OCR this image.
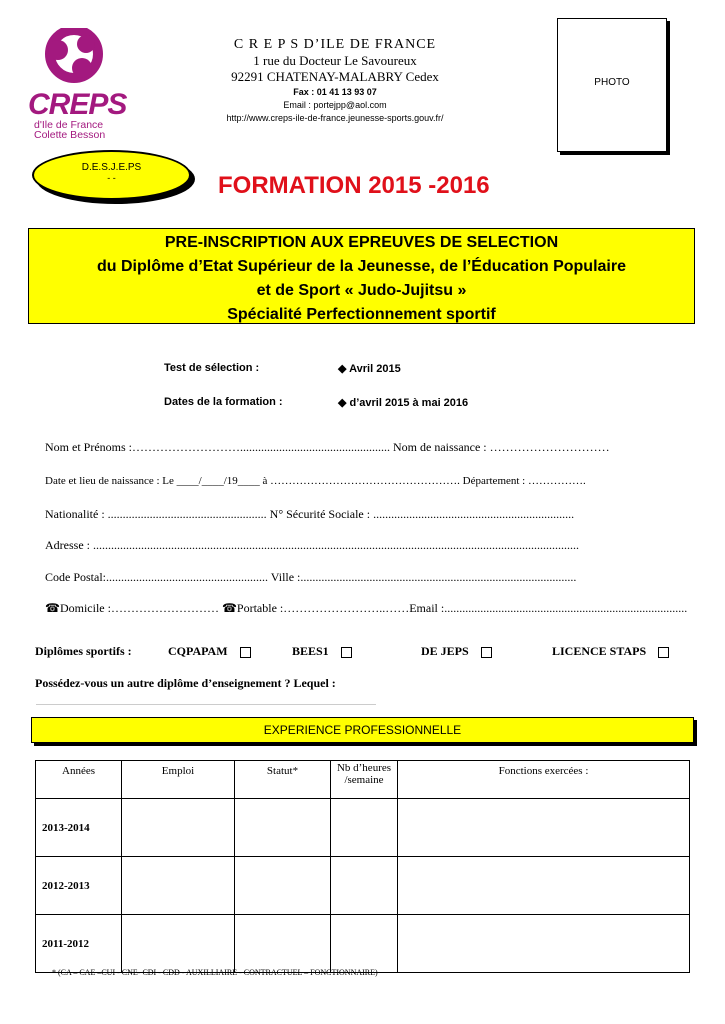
CREPS
d'Ile de France
Colette Besson
C R E P S D’ILE DE FRANCE
1 rue du Docteur Le Savoureux
92291 CHATENAY-MALABRY Cedex
Fax : 01 41 13 93 07
Email : portejpp@aol.com
http://www.creps-ile-de-france.jeunesse-sports.gouv.fr/
PHOTO
D.E.S.J.E.PS
- -	FORMATION 2015 -2016
PRE-INSCRIPTION AUX EPREUVES DE SELECTION
du Diplôme d’Etat Supérieur de la Jeunesse, de l’Éducation Populaire
et de Sport « Judo-Jujitsu »
Spécialité Perfectionnement sportif
Test de sélection :	◆ Avril 2015
Dates de la formation :	◆ d’avril 2015 à mai 2016
Nom et Prénoms :……………………….................................................. Nom de naissance : …………………………
Date et lieu de naissance : Le ____/____/19____ à ……………………………………………. Département : …………….
Nationalité : ..................................................... N° Sécurité Sociale : ...................................................................
Adresse : ..................................................................................................................................................................
Code Postal:...................................................... Ville :............................................................................................
☎Domicile :……………………… ☎Portable :……………………..……Email :.................................................................................
Diplômes sportifs :	CQPAPAM	BEES1	DE JEPS	LICENCE STAPS
Possédez-vous un autre diplôme d’enseignement ? Lequel :
EXPERIENCE PROFESSIONNELLE
Années	Emploi	Statut*	Nb d’heures /semaine	Fonctions exercées :
2013-2014				
2012-2013				
2011-2012				
* (CA – CAE –CUI - CNE- CDI - CDD - AUXILLIAIRE - CONTRACTUEL – FONCTIONNAIRE)
